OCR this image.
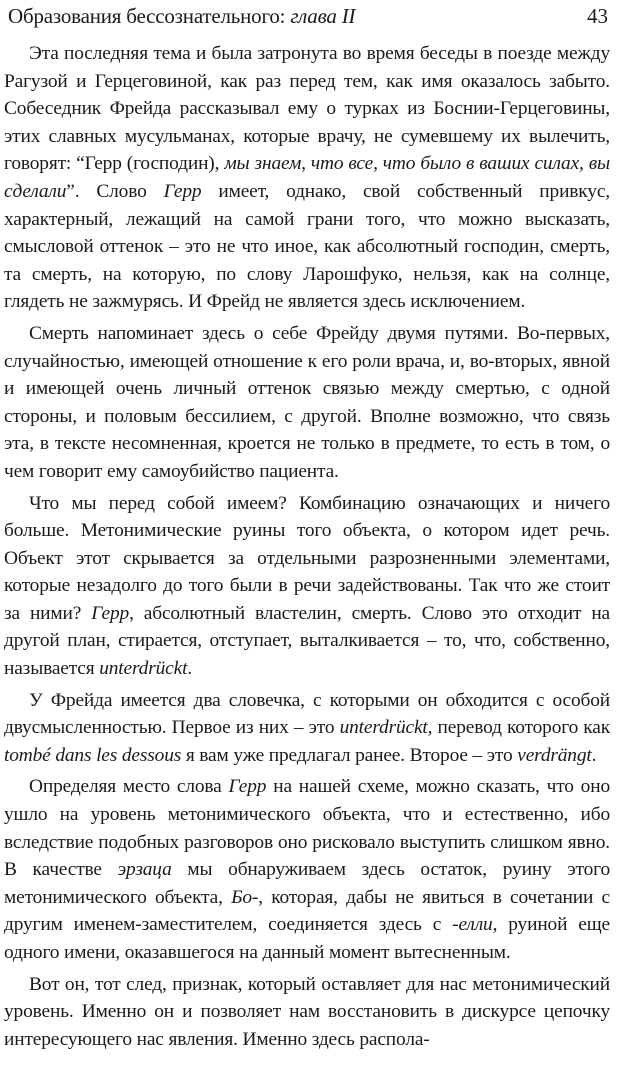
Образования бессознательного: глава II	43

Эта последняя тема и была затронута во время беседы в поезде между Рагузой и Герцеговиной, как раз перед тем, как имя оказалось забыто. Собеседник Фрейда рассказывал ему о турках из Боснии-Герцеговины, этих славных мусульманах, которые врачу, не сумевшему их вылечить, говорят: “Герр (господин), мы знаем, что все, что было в ваших силах, вы сделали”. Слово Герр имеет, однако, свой собственный привкус, характерный, лежащий на самой грани того, что можно высказать, смысловой оттенок – это не что иное, как абсолютный господин, смерть, та смерть, на которую, по слову Ларошфуко, нельзя, как на солнце, глядеть не зажмурясь. И Фрейд не является здесь исключением.

Смерть напоминает здесь о себе Фрейду двумя путями. Во-первых, случайностью, имеющей отношение к его роли врача, и, во-вторых, явной и имеющей очень личный оттенок связью между смертью, с одной стороны, и половым бессилием, с другой. Вполне возможно, что связь эта, в тексте несомненная, кроется не только в предмете, то есть в том, о чем говорит ему самоубийство пациента.

Что мы перед собой имеем? Комбинацию означающих и ничего больше. Метонимические руины того объекта, о котором идет речь. Объект этот скрывается за отдельными разрозненными элементами, которые незадолго до того были в речи задействованы. Так что же стоит за ними? Герр, абсолютный властелин, смерть. Слово это отходит на другой план, стирается, отступает, выталкивается – то, что, собственно, называется unterdrückt.

У Фрейда имеется два словечка, с которыми он обходится с особой двусмысленностью. Первое из них – это unterdrückt, перевод которого как tombé dans les dessous я вам уже предлагал ранее. Второе – это verdrängt.

Определяя место слова Герр на нашей схеме, можно сказать, что оно ушло на уровень метонимического объекта, что и естественно, ибо вследствие подобных разговоров оно рисковало выступить слишком явно. В качестве эрзаца мы обнаруживаем здесь остаток, руину этого метонимического объекта, Бо-, которая, дабы не явиться в сочетании с другим именем-заместителем, соединяется здесь с -елли, руиной еще одного имени, оказавшегося на данный момент вытесненным.

Вот он, тот след, признак, который оставляет для нас метонимический уровень. Именно он и позволяет нам восстановить в дискурсе цепочку интересующего нас явления. Именно здесь распола-
